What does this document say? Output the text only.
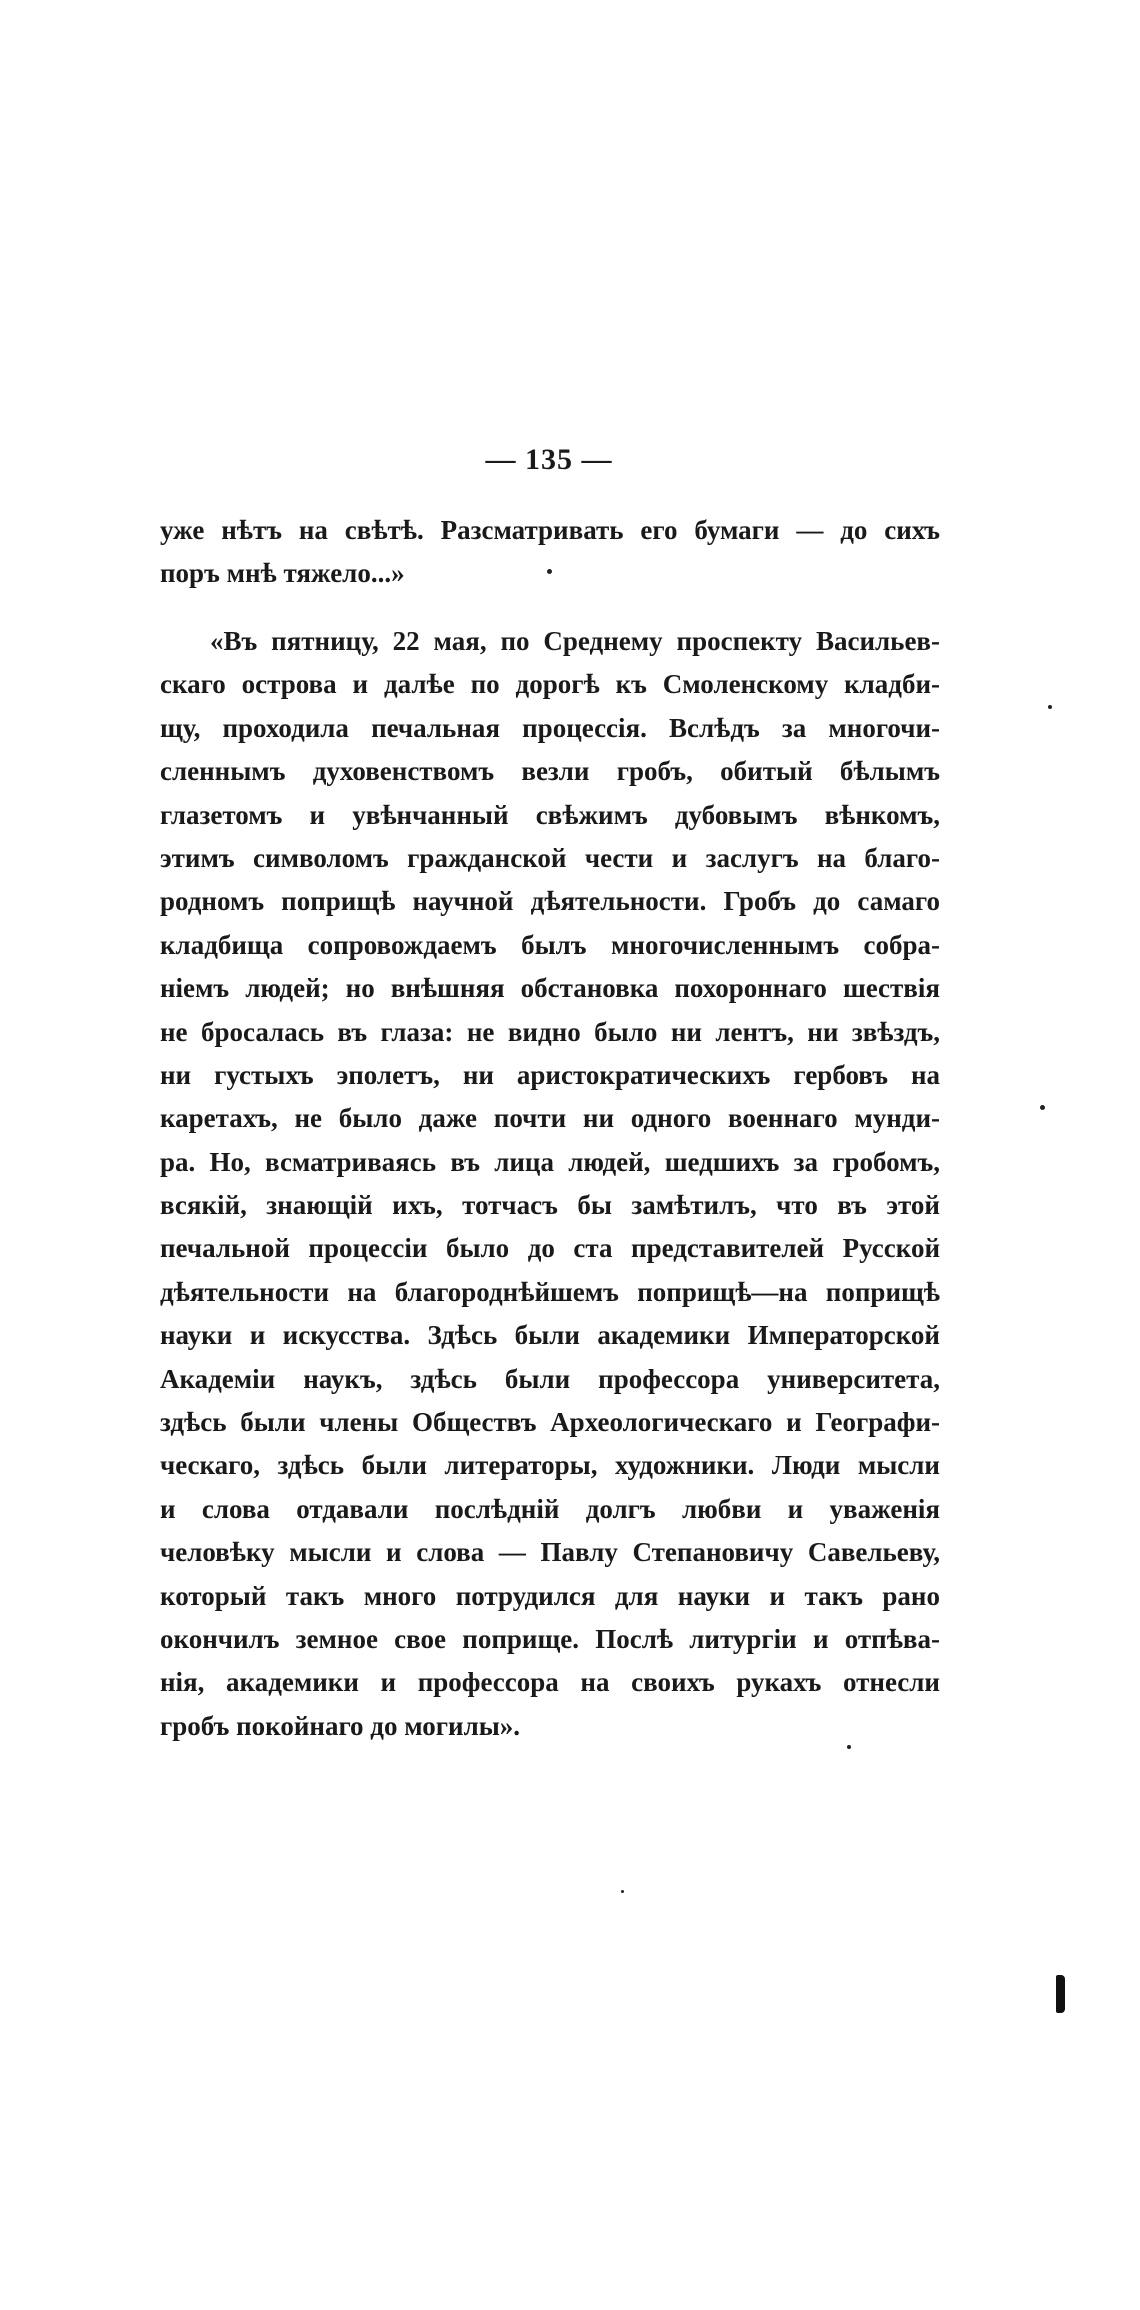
— 135 —
уже нѣтъ на свѣтѣ. Разсматривать его бумаги — до сихъ
поръ мнѣ тяжело...»
«Въ пятницу, 22 мая, по Среднему проспекту Васильев-
скаго острова и далѣе по дорогѣ къ Смоленскому кладби-
щу, проходила печальная процессія. Вслѣдъ за многочи-
сленнымъ духовенствомъ везли гробъ, обитый бѣлымъ
глазетомъ и увѣнчанный свѣжимъ дубовымъ вѣнкомъ,
этимъ символомъ гражданской чести и заслугъ на благо-
родномъ поприщѣ научной дѣятельности. Гробъ до самаго
кладбища сопровождаемъ былъ многочисленнымъ собра-
ніемъ людей; но внѣшняя обстановка похороннаго шествія
не бросалась въ глаза: не видно было ни лентъ, ни звѣздъ,
ни густыхъ эполетъ, ни аристократическихъ гербовъ на
каретахъ, не было даже почти ни одного военнаго мунди-
ра. Но, всматриваясь въ лица людей, шедшихъ за гробомъ,
всякій, знающій ихъ, тотчасъ бы замѣтилъ, что въ этой
печальной процессіи было до ста представителей Русской
дѣятельности на благороднѣйшемъ поприщѣ—на поприщѣ
науки и искусства. Здѣсь были академики Императорской
Академіи наукъ, здѣсь были профессора университета,
здѣсь были члены Обществъ Археологическаго и Географи-
ческаго, здѣсь были литераторы, художники. Люди мысли
и слова отдавали послѣдній долгъ любви и уваженія
человѣку мысли и слова — Павлу Степановичу Савельеву,
который такъ много потрудился для науки и такъ рано
окончилъ земное свое поприще. Послѣ литургіи и отпѣва-
нія, академики и профессора на своихъ рукахъ отнесли
гробъ покойнаго до могилы».
